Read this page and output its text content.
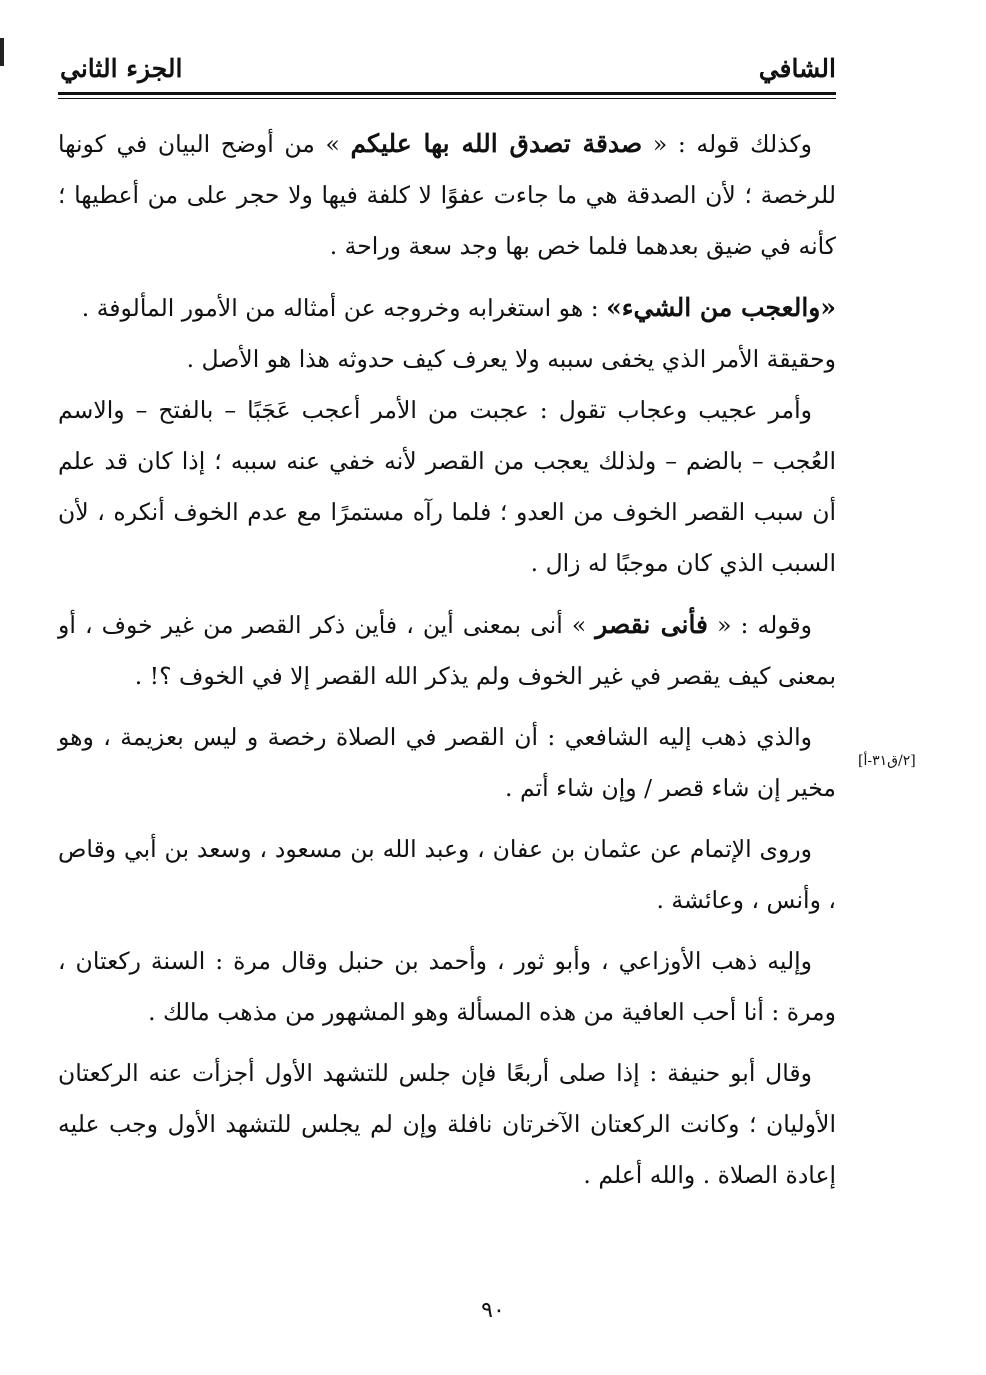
الشافي
الجزء الثاني

وكذلك قوله : « صدقة تصدق الله بها عليكم » من أوضح البيان في كونها للرخصة ؛ لأن الصدقة هي ما جاءت عفوًا لا كلفة فيها ولا حجر على من أعطيها ؛ كأنه في ضيق بعدهما فلما خص بها وجد سعة وراحة .

«والعجب من الشيء» : هو استغرابه وخروجه عن أمثاله من الأمور المألوفة .

وحقيقة الأمر الذي يخفى سببه ولا يعرف كيف حدوثه هذا هو الأصل .

وأمر عجيب وعجاب تقول : عجبت من الأمر أعجب عَجَبًا – بالفتح – والاسم العُجب – بالضم – ولذلك يعجب من القصر لأنه خفي عنه سببه ؛ إذا كان قد علم أن سبب القصر الخوف من العدو ؛ فلما رآه مستمرًا مع عدم الخوف أنكره ، لأن السبب الذي كان موجبًا له زال .

وقوله : « فأنى نقصر » أنى بمعنى أين ، فأين ذكر القصر من غير خوف ، أو بمعنى كيف يقصر في غير الخوف ولم يذكر الله القصر إلا في الخوف ؟! .

والذي ذهب إليه الشافعي : أن القصر في الصلاة رخصة و ليس بعزيمة ، وهو مخير إن شاء قصر / وإن شاء أتم .

وروى الإتمام عن عثمان بن عفان ، وعبد الله بن مسعود ، وسعد بن أبي وقاص ، وأنس ، وعائشة .

وإليه ذهب الأوزاعي ، وأبو ثور ، وأحمد بن حنبل وقال مرة : السنة ركعتان ، ومرة : أنا أحب العافية من هذه المسألة وهو المشهور من مذهب مالك .

وقال أبو حنيفة : إذا صلى أربعًا فإن جلس للتشهد الأول أجزأت عنه الركعتان الأوليان ؛ وكانت الركعتان الآخرتان نافلة وإن لم يجلس للتشهد الأول وجب عليه إعادة الصلاة . والله أعلم .

[٢/ق٣١-أ]
٩٠
